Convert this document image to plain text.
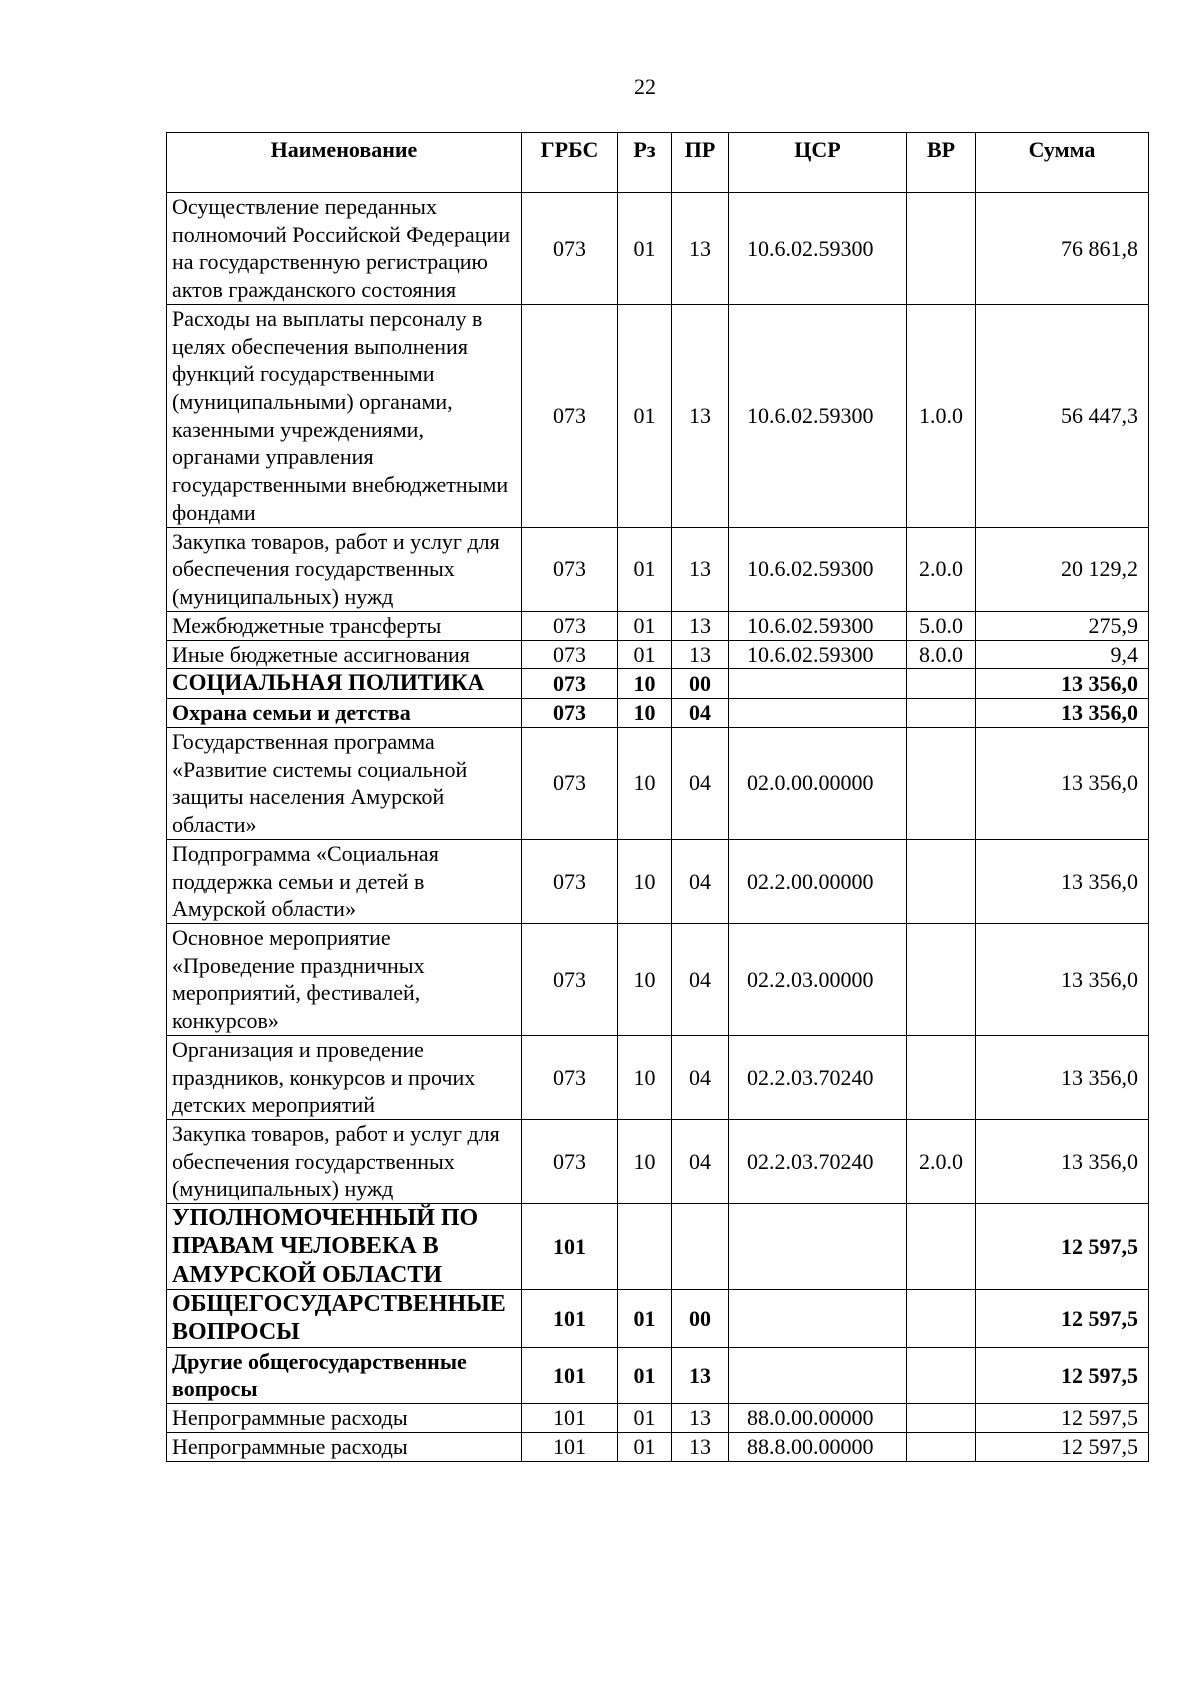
22
Наименование	ГРБС	Рз	ПР	ЦСР	ВР	Сумма
Осуществление переданных полномочий Российской Федерации на государственную регистрацию актов гражданского состояния	073	01	13	10.6.02.59300		76 861,8
Расходы на выплаты персоналу в целях обеспечения выполнения функций государственными (муниципальными) органами, казенными учреждениями, органами управления государственными внебюджетными фондами	073	01	13	10.6.02.59300	1.0.0	56 447,3
Закупка товаров, работ и услуг для обеспечения государственных (муниципальных) нужд	073	01	13	10.6.02.59300	2.0.0	20 129,2
Межбюджетные трансферты	073	01	13	10.6.02.59300	5.0.0	275,9
Иные бюджетные ассигнования	073	01	13	10.6.02.59300	8.0.0	9,4
СОЦИАЛЬНАЯ ПОЛИТИКА	073	10	00			13 356,0
Охрана семьи и детства	073	10	04			13 356,0
Государственная программа «Развитие системы социальной защиты населения Амурской области»	073	10	04	02.0.00.00000		13 356,0
Подпрограмма «Социальная поддержка семьи и детей в Амурской области»	073	10	04	02.2.00.00000		13 356,0
Основное мероприятие «Проведение праздничных мероприятий, фестивалей, конкурсов»	073	10	04	02.2.03.00000		13 356,0
Организация и проведение праздников, конкурсов и прочих детских мероприятий	073	10	04	02.2.03.70240		13 356,0
Закупка товаров, работ и услуг для обеспечения государственных (муниципальных) нужд	073	10	04	02.2.03.70240	2.0.0	13 356,0
УПОЛНОМОЧЕННЫЙ ПО ПРАВАМ ЧЕЛОВЕКА В АМУРСКОЙ ОБЛАСТИ	101					12 597,5
ОБЩЕГОСУДАРСТВЕННЫЕ ВОПРОСЫ	101	01	00			12 597,5
Другие общегосударственные вопросы	101	01	13			12 597,5
Непрограммные расходы	101	01	13	88.0.00.00000		12 597,5
Непрограммные расходы	101	01	13	88.8.00.00000		12 597,5
